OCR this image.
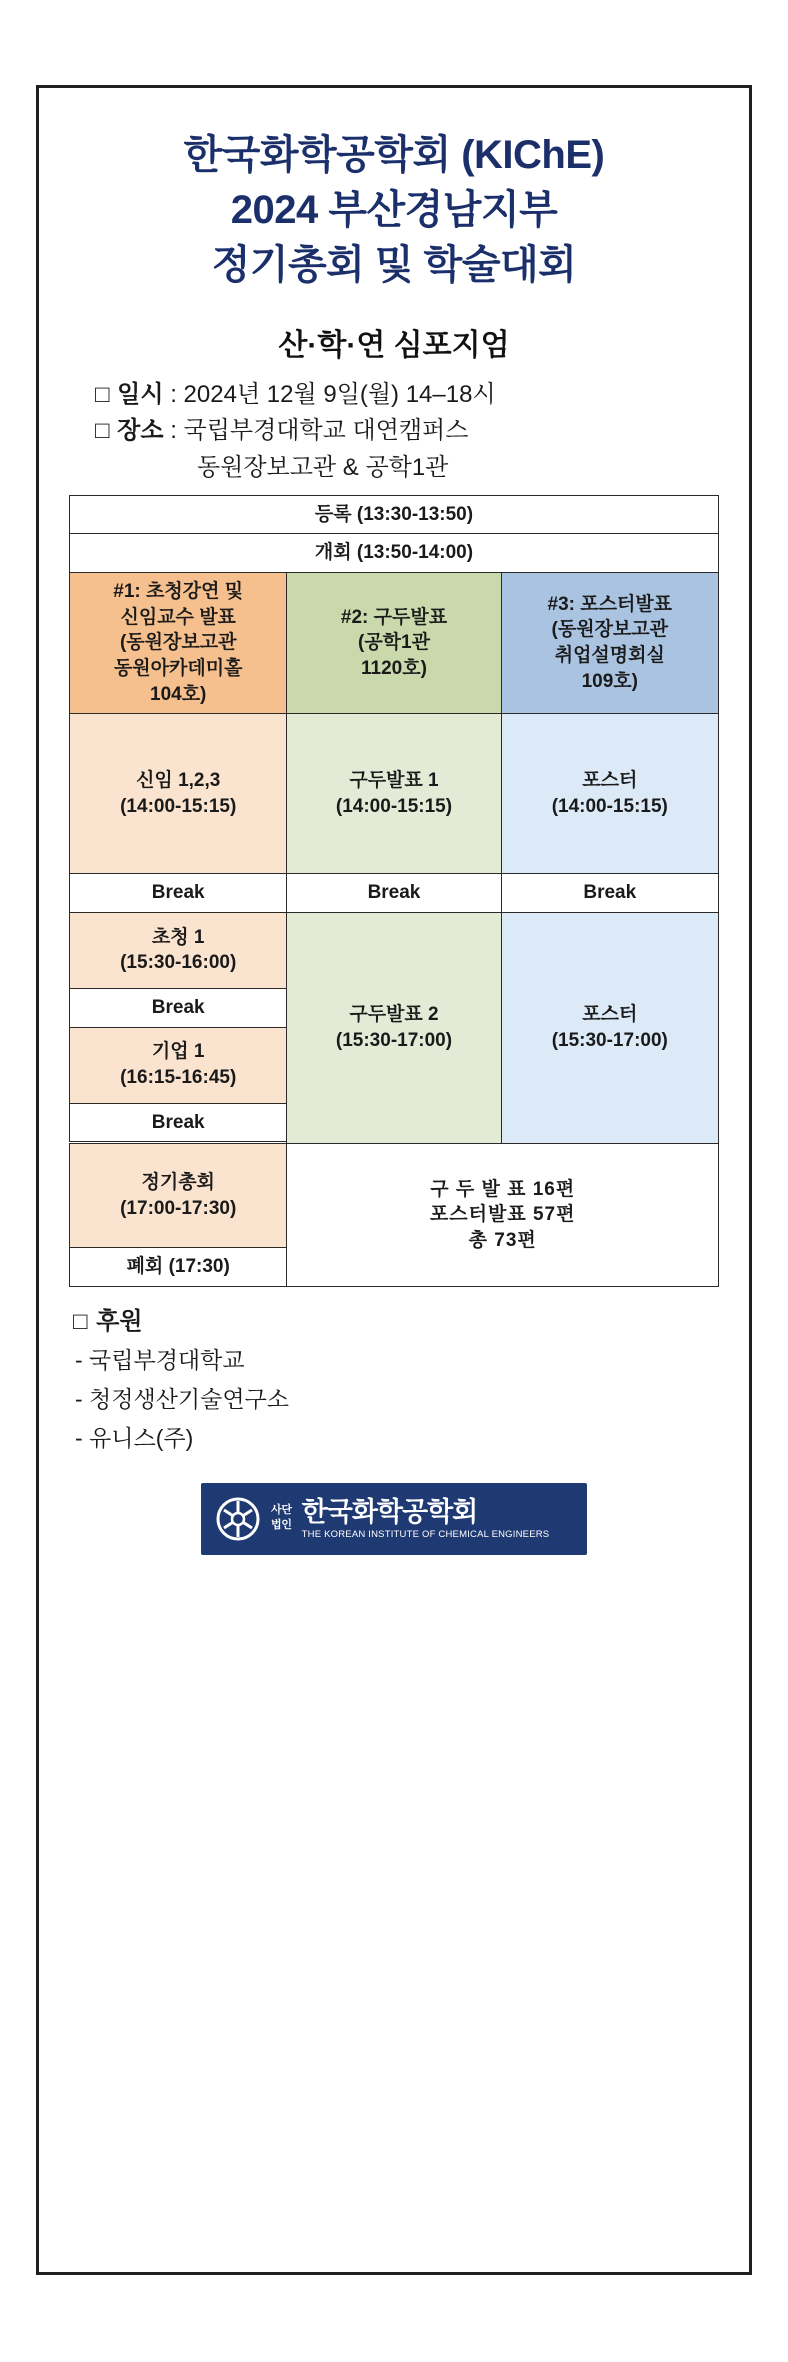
한국화학공학회 (KIChE)
2024 부산경남지부
정기총회 및 학술대회
산·학·연 심포지엄
□ 일시 : 2024년 12월 9일(월) 14–18시
□ 장소 : 국립부경대학교 대연캠퍼스
동원장보고관 & 공학1관
등록 (13:30-13:50)		
개회 (13:50-14:00)		

#1: 초청강연 및
신임교수 발표
(동원장보고관
동원아카데미홀
104호)	#2: 구두발표
(공학1관
1120호)	#3: 포스터발표
(동원장보고관
취업설명회실
109호)

신임 1,2,3
(14:00-15:15)	구두발표 1
(14:00-15:15)	포스터
(14:00-15:15)

Break	Break	Break

초청 1
(15:30-16:00)	구두발표 2
(15:30-17:00)	포스터
(15:30-17:00)

Break		

기업 1
(16:15-16:45)		

Break		

정기총회
(17:00-17:30)	구 두 발 표 16편
포스터발표 57편
총 73편	

폐회 (17:30)		
□ 후원
- 국립부경대학교
- 청정생산기술연구소
- 유니스(주)
사단
법인 한국화학공학회
THE KOREAN INSTITUTE OF CHEMICAL ENGINEERS
